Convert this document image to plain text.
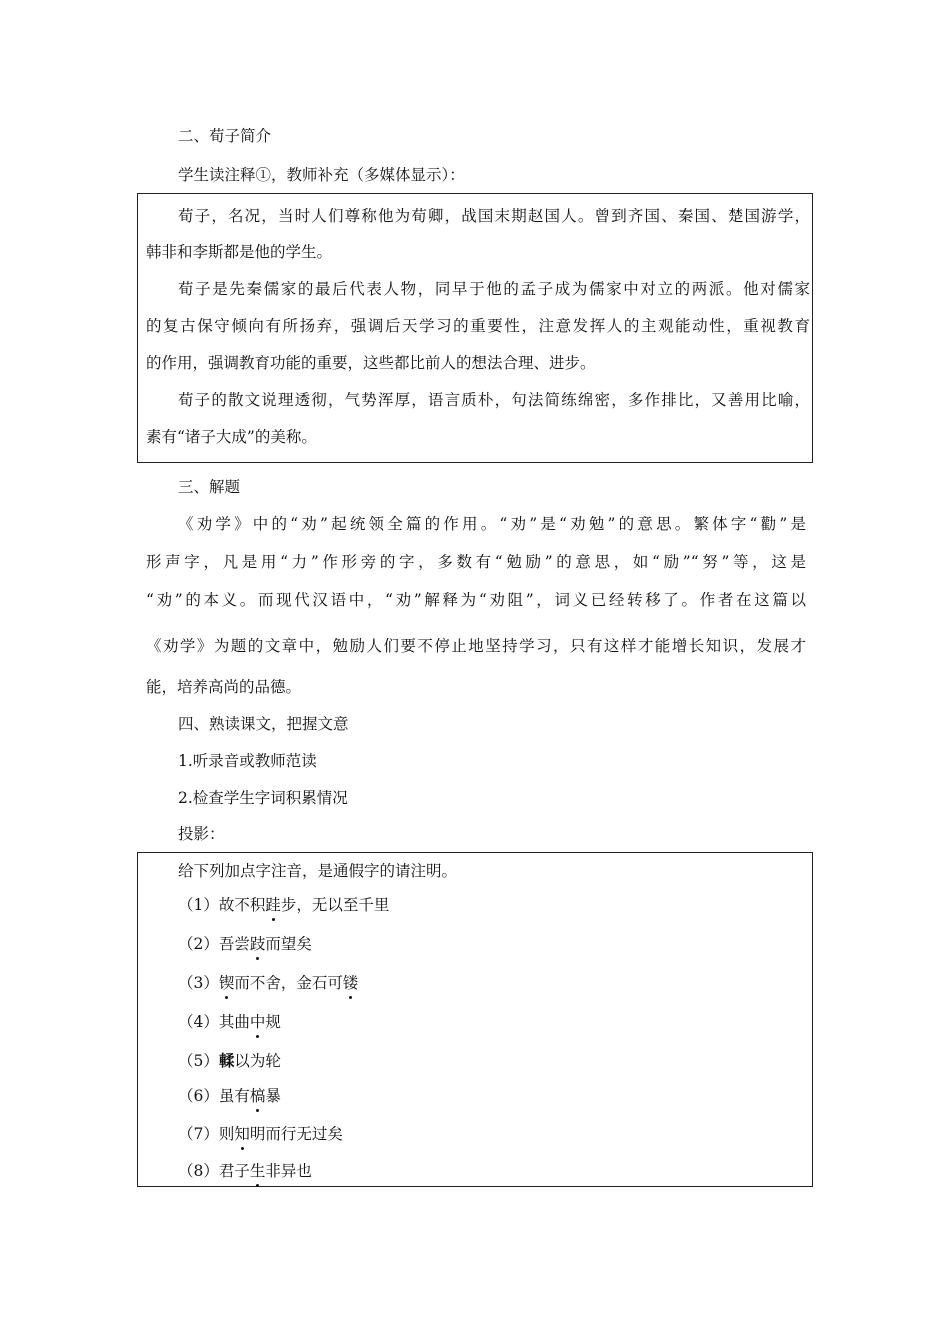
二、荀子简介
学生读注释①，教师补充（多媒体显示）：
荀子，名况，当时人们尊称他为荀卿，战国末期赵国人。曾到齐国、秦国、楚国游学，
韩非和李斯都是他的学生。
荀子是先秦儒家的最后代表人物，同早于他的孟子成为儒家中对立的两派。他对儒家
的复古保守倾向有所扬弃，强调后天学习的重要性，注意发挥人的主观能动性，重视教育
的作用，强调教育功能的重要，这些都比前人的想法合理、进步。
荀子的散文说理透彻，气势浑厚，语言质朴，句法简练绵密，多作排比，又善用比喻，
素有“诸子大成”的美称。
三、解题
《劝学》中的“劝”起统领全篇的作用。“劝”是“劝勉”的意思。繁体字“勸”是
形声字，凡是用“力”作形旁的字，多数有“勉励”的意思，如“励”“努”等，这是
“劝”的本义。而现代汉语中，“劝”解释为“劝阻”，词义已经转移了。作者在这篇以
《劝学》为题的文章中，勉励人们要不停止地坚持学习，只有这样才能增长知识，发展才
能，培养高尚的品德。
四、熟读课文，把握文意
1.听录音或教师范读
2.检查学生字词积累情况
投影：
给下列加点字注音，是通假字的请注明。
（1）故不积跬步，无以至千里
（2）吾尝跂而望矣
（3）锲而不舍，金石可镂
（4）其曲中规
（5）輮以为轮
（6）虽有槁暴
（7）则知明而行无过矣
（8）君子生非异也
